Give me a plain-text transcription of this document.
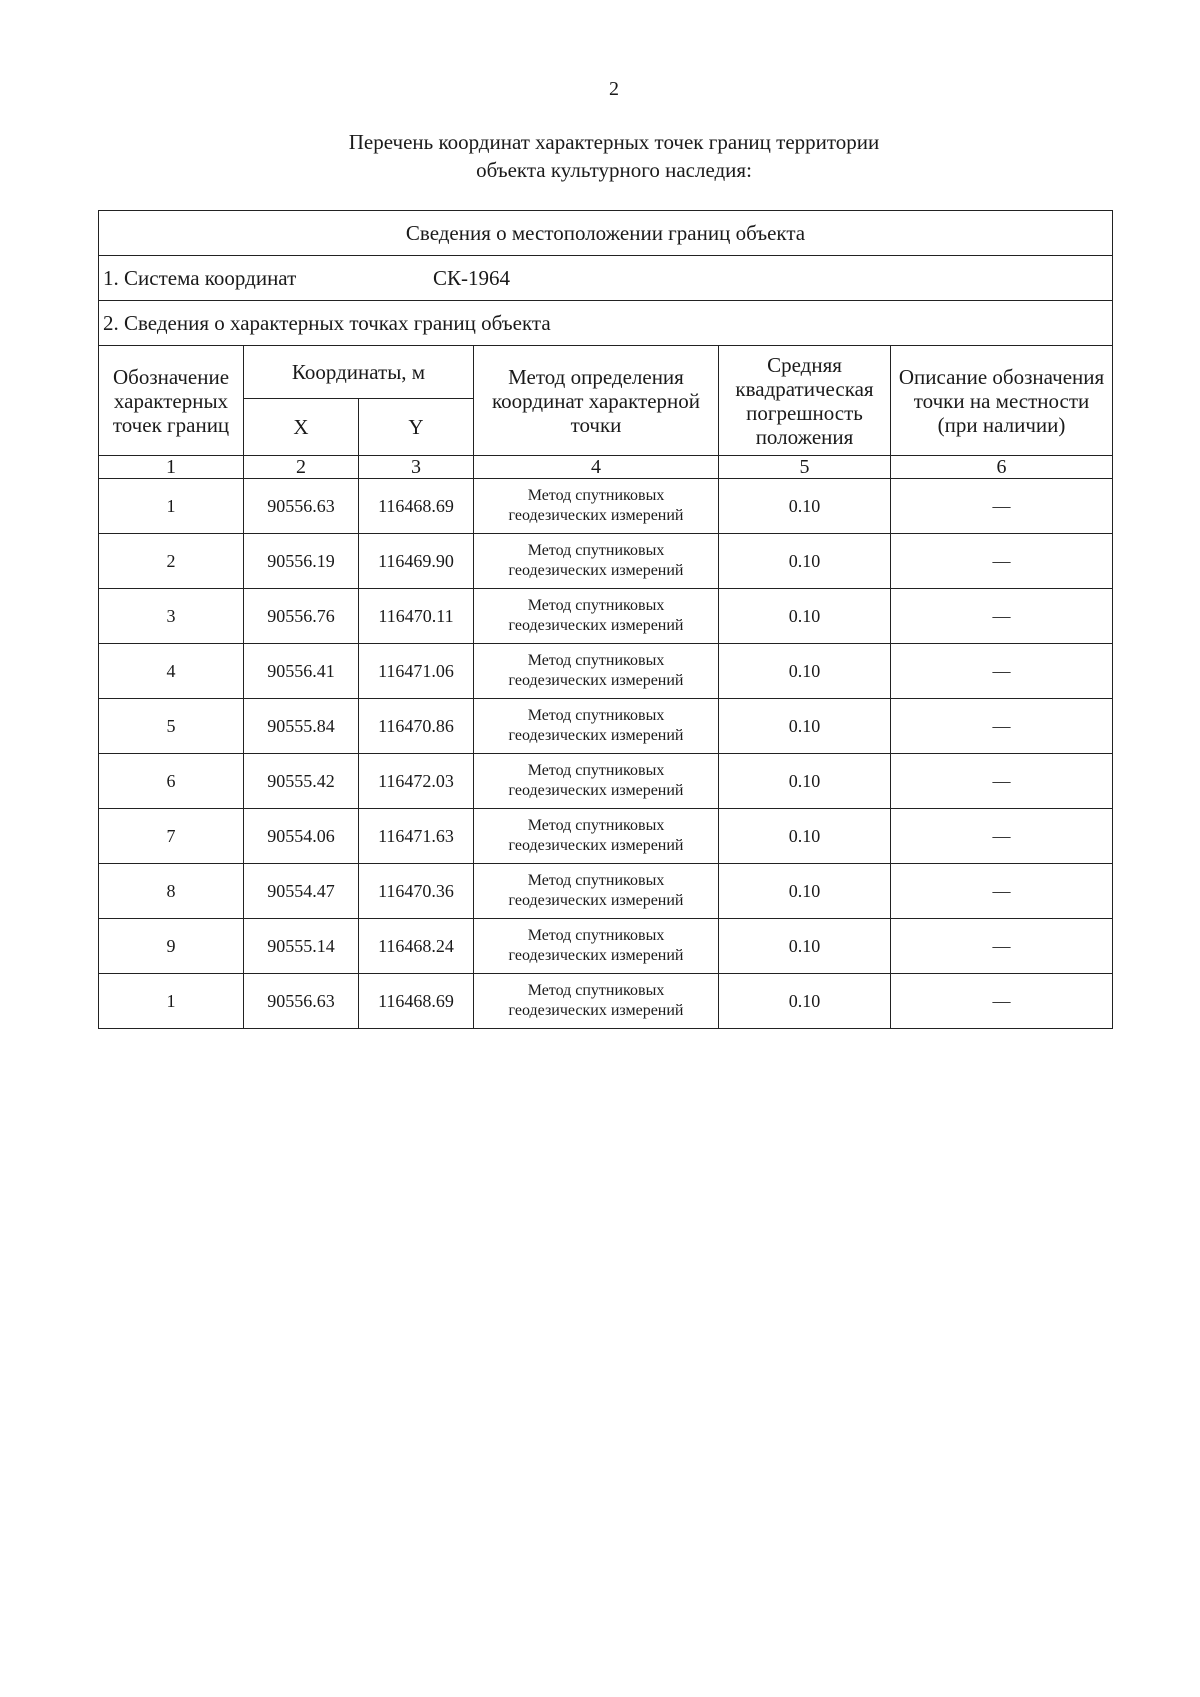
2
Перечень координат характерных точек границ территории
объекта культурного наследия:
Сведения о местоположении границ объекта					
1. Система координат СК-1964					
2. Сведения о характерных точках границ объекта					
Обозначение характерных точек границ	Координаты, м		Метод определения координат характерной точки	Средняя квадратическая погрешность положения	Описание обозначения точки на местности (при наличии)
	X	Y			
1	2	3	4	5	6
1	90556.63	116468.69	Метод спутниковых геодезических измерений	0.10	—
2	90556.19	116469.90	Метод спутниковых геодезических измерений	0.10	—
3	90556.76	116470.11	Метод спутниковых геодезических измерений	0.10	—
4	90556.41	116471.06	Метод спутниковых геодезических измерений	0.10	—
5	90555.84	116470.86	Метод спутниковых геодезических измерений	0.10	—
6	90555.42	116472.03	Метод спутниковых геодезических измерений	0.10	—
7	90554.06	116471.63	Метод спутниковых геодезических измерений	0.10	—
8	90554.47	116470.36	Метод спутниковых геодезических измерений	0.10	—
9	90555.14	116468.24	Метод спутниковых геодезических измерений	0.10	—
1	90556.63	116468.69	Метод спутниковых геодезических измерений	0.10	—
